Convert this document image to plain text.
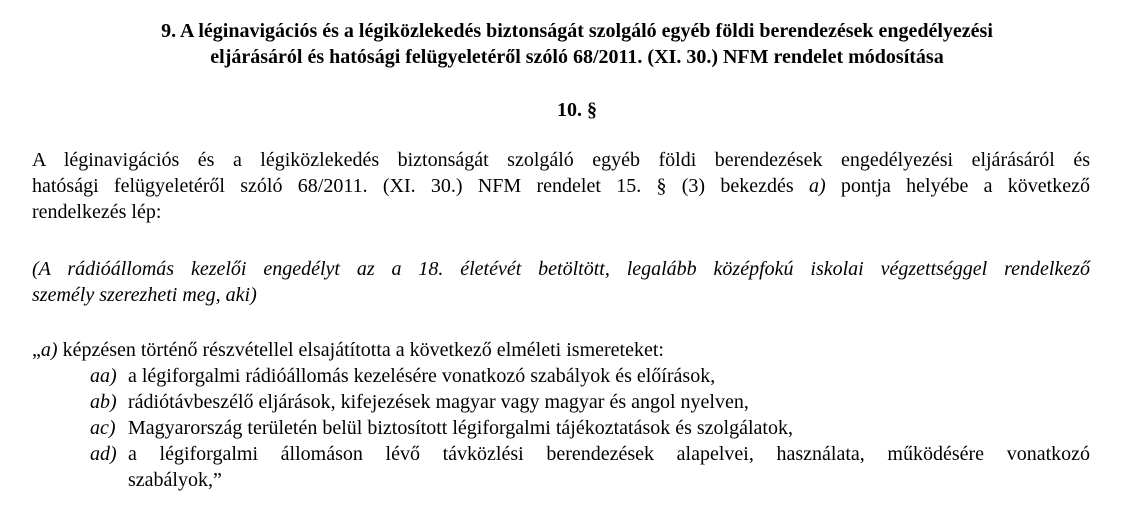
9. A léginavigációs és a légiközlekedés biztonságát szolgáló egyéb földi berendezések engedélyezési
eljárásáról és hatósági felügyeletéről szóló 68/2011. (XI. 30.) NFM rendelet módosítása
10. §
A léginavigációs és a légiközlekedés biztonságát szolgáló egyéb földi berendezések engedélyezési eljárásáról és
hatósági felügyeletéről szóló 68/2011. (XI. 30.) NFM rendelet 15. § (3) bekezdés a) pontja helyébe a következő
rendelkezés lép:
(A rádióállomás kezelői engedélyt az a 18. életévét betöltött, legalább középfokú iskolai végzettséggel rendelkező
személy szerezheti meg, aki)
„a) képzésen történő részvétellel elsajátította a következő elméleti ismereteket:
aa) a légiforgalmi rádióállomás kezelésére vonatkozó szabályok és előírások,
ab) rádiótávbeszélő eljárások, kifejezések magyar vagy magyar és angol nyelven,
ac) Magyarország területén belül biztosított légiforgalmi tájékoztatások és szolgálatok,
ad) a légiforgalmi állomáson lévő távközlési berendezések alapelvei, használata, működésére vonatkozó
szabályok,”
